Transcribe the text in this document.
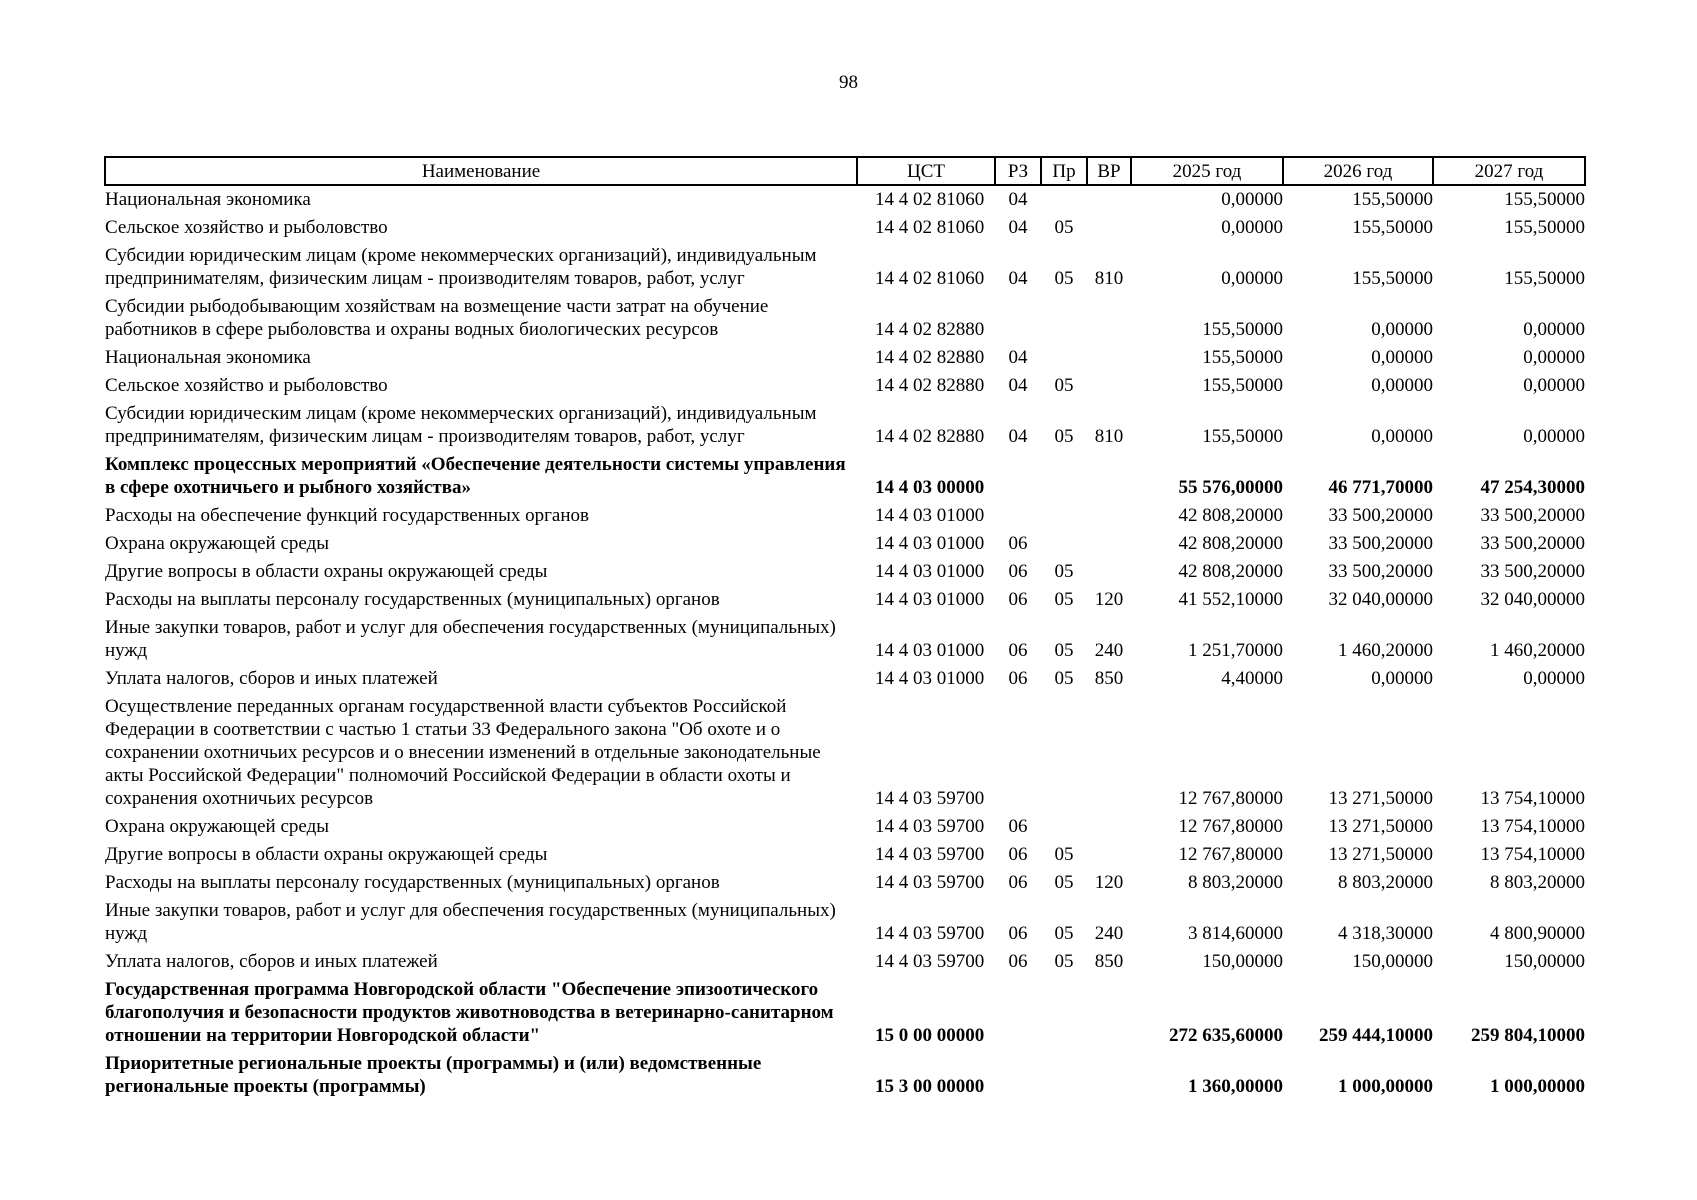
98
Наименование	ЦСТ	РЗ	Пр	ВР	2025 год	2026 год	2027 год
Национальная экономика	14 4 02 81060	04			0,00000	155,50000	155,50000
Сельское хозяйство и рыболовство	14 4 02 81060	04	05		0,00000	155,50000	155,50000
Субсидии юридическим лицам (кроме некоммерческих организаций), индивидуальным предпринимателям, физическим лицам - производителям товаров, работ, услуг	14 4 02 81060	04	05	810	0,00000	155,50000	155,50000
Субсидии рыбодобывающим хозяйствам на возмещение части затрат на обучение работников в сфере рыболовства и охраны водных биологических ресурсов	14 4 02 82880				155,50000	0,00000	0,00000
Национальная экономика	14 4 02 82880	04			155,50000	0,00000	0,00000
Сельское хозяйство и рыболовство	14 4 02 82880	04	05		155,50000	0,00000	0,00000
Субсидии юридическим лицам (кроме некоммерческих организаций), индивидуальным предпринимателям, физическим лицам - производителям товаров, работ, услуг	14 4 02 82880	04	05	810	155,50000	0,00000	0,00000
Комплекс процессных мероприятий «Обеспечение деятельности системы управления в сфере охотничьего и рыбного хозяйства»	14 4 03 00000				55 576,00000	46 771,70000	47 254,30000
Расходы на обеспечение функций государственных органов	14 4 03 01000				42 808,20000	33 500,20000	33 500,20000
Охрана окружающей среды	14 4 03 01000	06			42 808,20000	33 500,20000	33 500,20000
Другие вопросы в области охраны окружающей среды	14 4 03 01000	06	05		42 808,20000	33 500,20000	33 500,20000
Расходы на выплаты персоналу государственных (муниципальных) органов	14 4 03 01000	06	05	120	41 552,10000	32 040,00000	32 040,00000
Иные закупки товаров, работ и услуг для обеспечения государственных (муниципальных) нужд	14 4 03 01000	06	05	240	1 251,70000	1 460,20000	1 460,20000
Уплата налогов, сборов и иных платежей	14 4 03 01000	06	05	850	4,40000	0,00000	0,00000
Осуществление переданных органам государственной власти субъектов Российской Федерации в соответствии с частью 1 статьи 33 Федерального закона "Об охоте и о сохранении охотничьих ресурсов и о внесении изменений в отдельные законодательные акты Российской Федерации" полномочий Российской Федерации в области охоты и сохранения охотничьих ресурсов	14 4 03 59700				12 767,80000	13 271,50000	13 754,10000
Охрана окружающей среды	14 4 03 59700	06			12 767,80000	13 271,50000	13 754,10000
Другие вопросы в области охраны окружающей среды	14 4 03 59700	06	05		12 767,80000	13 271,50000	13 754,10000
Расходы на выплаты персоналу государственных (муниципальных) органов	14 4 03 59700	06	05	120	8 803,20000	8 803,20000	8 803,20000
Иные закупки товаров, работ и услуг для обеспечения государственных (муниципальных) нужд	14 4 03 59700	06	05	240	3 814,60000	4 318,30000	4 800,90000
Уплата налогов, сборов и иных платежей	14 4 03 59700	06	05	850	150,00000	150,00000	150,00000
Государственная программа Новгородской области "Обеспечение эпизоотического благополучия и безопасности продуктов животноводства в ветеринарно-санитарном отношении на территории Новгородской области"	15 0 00 00000				272 635,60000	259 444,10000	259 804,10000
Приоритетные региональные проекты (программы) и (или) ведомственные региональные проекты (программы)	15 3 00 00000				1 360,00000	1 000,00000	1 000,00000
